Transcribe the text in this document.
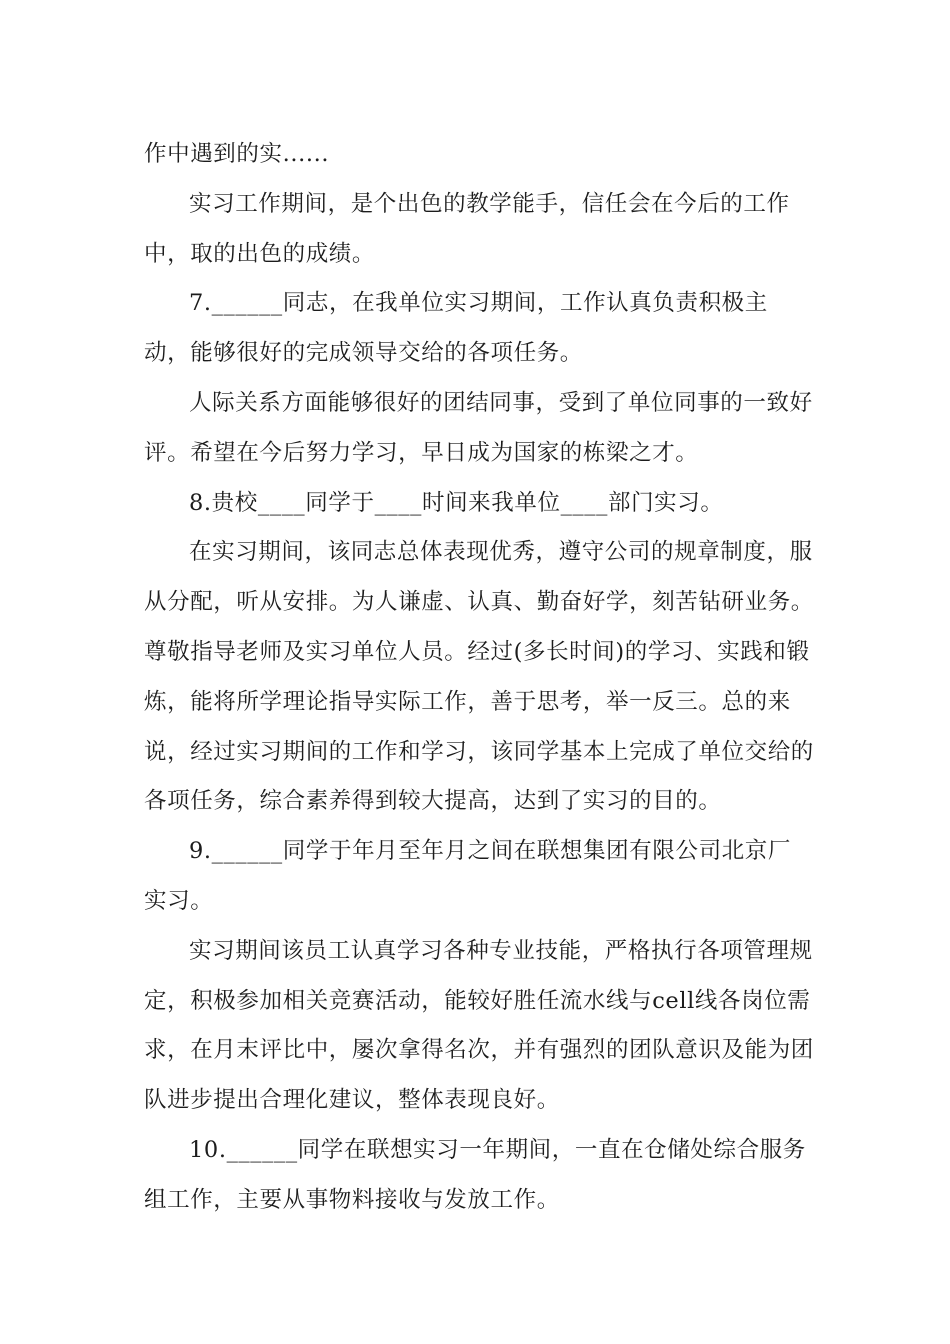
作中遇到的实......

实习工作期间，是个出色的教学能手，信任会在今后的工作中，取的出色的成绩。

7.______同志，在我单位实习期间，工作认真负责积极主动，能够很好的完成领导交给的各项任务。

人际关系方面能够很好的团结同事，受到了单位同事的一致好评。希望在今后努力学习，早日成为国家的栋梁之才。

8.贵校____同学于____时间来我单位____部门实习。

在实习期间，该同志总体表现优秀，遵守公司的规章制度，服从分配，听从安排。为人谦虚、认真、勤奋好学，刻苦钻研业务。尊敬指导老师及实习单位人员。经过(多长时间)的学习、实践和锻炼，能将所学理论指导实际工作，善于思考，举一反三。总的来说，经过实习期间的工作和学习，该同学基本上完成了单位交给的各项任务，综合素养得到较大提高，达到了实习的目的。

9.______同学于年月至年月之间在联想集团有限公司北京厂实习。

实习期间该员工认真学习各种专业技能，严格执行各项管理规定，积极参加相关竞赛活动，能较好胜任流水线与cell线各岗位需求，在月末评比中，屡次拿得名次，并有强烈的团队意识及能为团队进步提出合理化建议，整体表现良好。

10.______同学在联想实习一年期间，一直在仓储处综合服务组工作，主要从事物料接收与发放工作。
